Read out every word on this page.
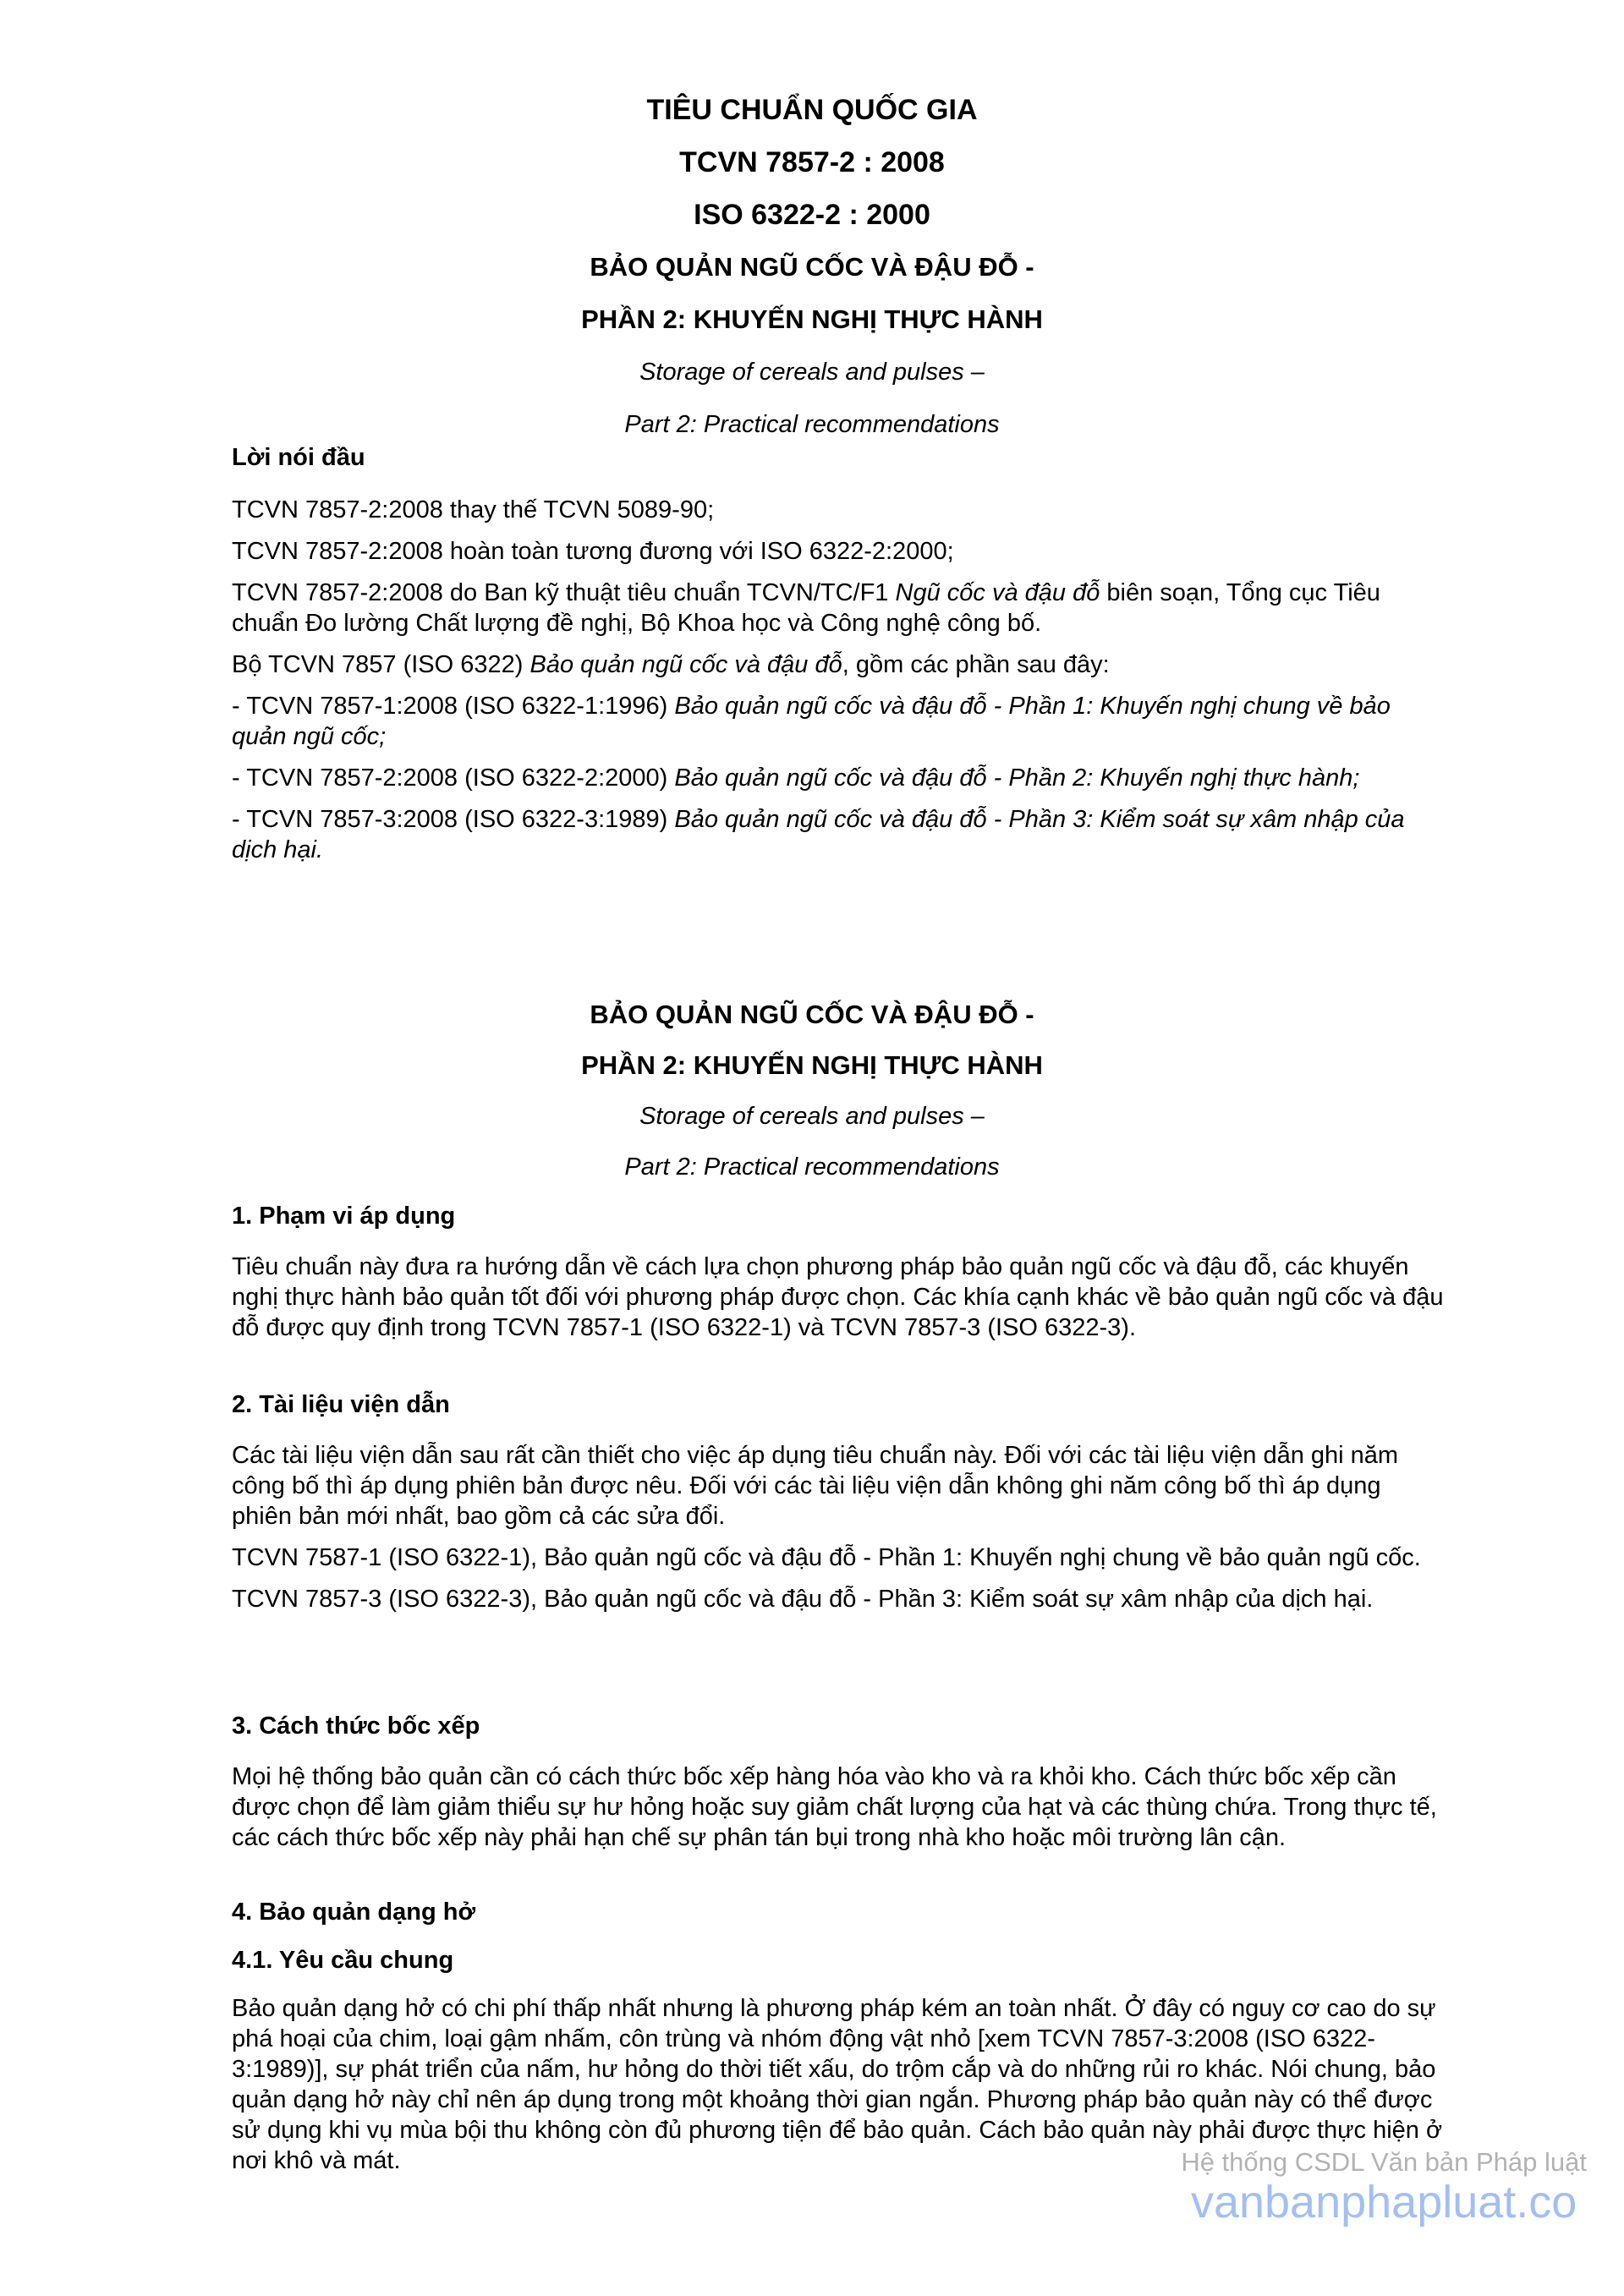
TIÊU CHUẨN QUỐC GIA
TCVN 7857-2 : 2008
ISO 6322-2 : 2000
BẢO QUẢN NGŨ CỐC VÀ ĐẬU ĐỖ -
PHẦN 2: KHUYẾN NGHỊ THỰC HÀNH
Storage of cereals and pulses –
Part 2: Practical recommendations
Lời nói đầu

TCVN 7857-2:2008 thay thế TCVN 5089-90;

TCVN 7857-2:2008 hoàn toàn tương đương với ISO 6322-2:2000;

TCVN 7857-2:2008 do Ban kỹ thuật tiêu chuẩn TCVN/TC/F1 Ngũ cốc và đậu đỗ biên soạn, Tổng cục Tiêu chuẩn Đo lường Chất lượng đề nghị, Bộ Khoa học và Công nghệ công bố.

Bộ TCVN 7857 (ISO 6322) Bảo quản ngũ cốc và đậu đỗ, gồm các phần sau đây:

- TCVN 7857-1:2008 (ISO 6322-1:1996) Bảo quản ngũ cốc và đậu đỗ - Phần 1: Khuyến nghị chung về bảo quản ngũ cốc;

- TCVN 7857-2:2008 (ISO 6322-2:2000) Bảo quản ngũ cốc và đậu đỗ - Phần 2: Khuyến nghị thực hành;

- TCVN 7857-3:2008 (ISO 6322-3:1989) Bảo quản ngũ cốc và đậu đỗ - Phần 3: Kiểm soát sự xâm nhập của dịch hại.

BẢO QUẢN NGŨ CỐC VÀ ĐẬU ĐỖ -
PHẦN 2: KHUYẾN NGHỊ THỰC HÀNH
Storage of cereals and pulses –
Part 2: Practical recommendations
1. Phạm vi áp dụng

Tiêu chuẩn này đưa ra hướng dẫn về cách lựa chọn phương pháp bảo quản ngũ cốc và đậu đỗ, các khuyến nghị thực hành bảo quản tốt đối với phương pháp được chọn. Các khía cạnh khác về bảo quản ngũ cốc và đậu đỗ được quy định trong TCVN 7857-1 (ISO 6322-1) và TCVN 7857-3 (ISO 6322-3).

2. Tài liệu viện dẫn

Các tài liệu viện dẫn sau rất cần thiết cho việc áp dụng tiêu chuẩn này. Đối với các tài liệu viện dẫn ghi năm công bố thì áp dụng phiên bản được nêu. Đối với các tài liệu viện dẫn không ghi năm công bố thì áp dụng phiên bản mới nhất, bao gồm cả các sửa đổi.

TCVN 7587-1 (ISO 6322-1), Bảo quản ngũ cốc và đậu đỗ - Phần 1: Khuyến nghị chung về bảo quản ngũ cốc.

TCVN 7857-3 (ISO 6322-3), Bảo quản ngũ cốc và đậu đỗ - Phần 3: Kiểm soát sự xâm nhập của dịch hại.

3. Cách thức bốc xếp

Mọi hệ thống bảo quản cần có cách thức bốc xếp hàng hóa vào kho và ra khỏi kho. Cách thức bốc xếp cần được chọn để làm giảm thiểu sự hư hỏng hoặc suy giảm chất lượng của hạt và các thùng chứa. Trong thực tế, các cách thức bốc xếp này phải hạn chế sự phân tán bụi trong nhà kho hoặc môi trường lân cận.

4. Bảo quản dạng hở
4.1. Yêu cầu chung

Bảo quản dạng hở có chi phí thấp nhất nhưng là phương pháp kém an toàn nhất. Ở đây có nguy cơ cao do sự phá hoại của chim, loại gậm nhấm, côn trùng và nhóm động vật nhỏ [xem TCVN 7857-3:2008 (ISO 6322-3:1989)], sự phát triển của nấm, hư hỏng do thời tiết xấu, do trộm cắp và do những rủi ro khác. Nói chung, bảo quản dạng hở này chỉ nên áp dụng trong một khoảng thời gian ngắn. Phương pháp bảo quản này có thể được sử dụng khi vụ mùa bội thu không còn đủ phương tiện để bảo quản. Cách bảo quản này phải được thực hiện ở nơi khô và mát.	Hệ thống CSDL Văn bản Pháp luật
vanbanphapluat.co
